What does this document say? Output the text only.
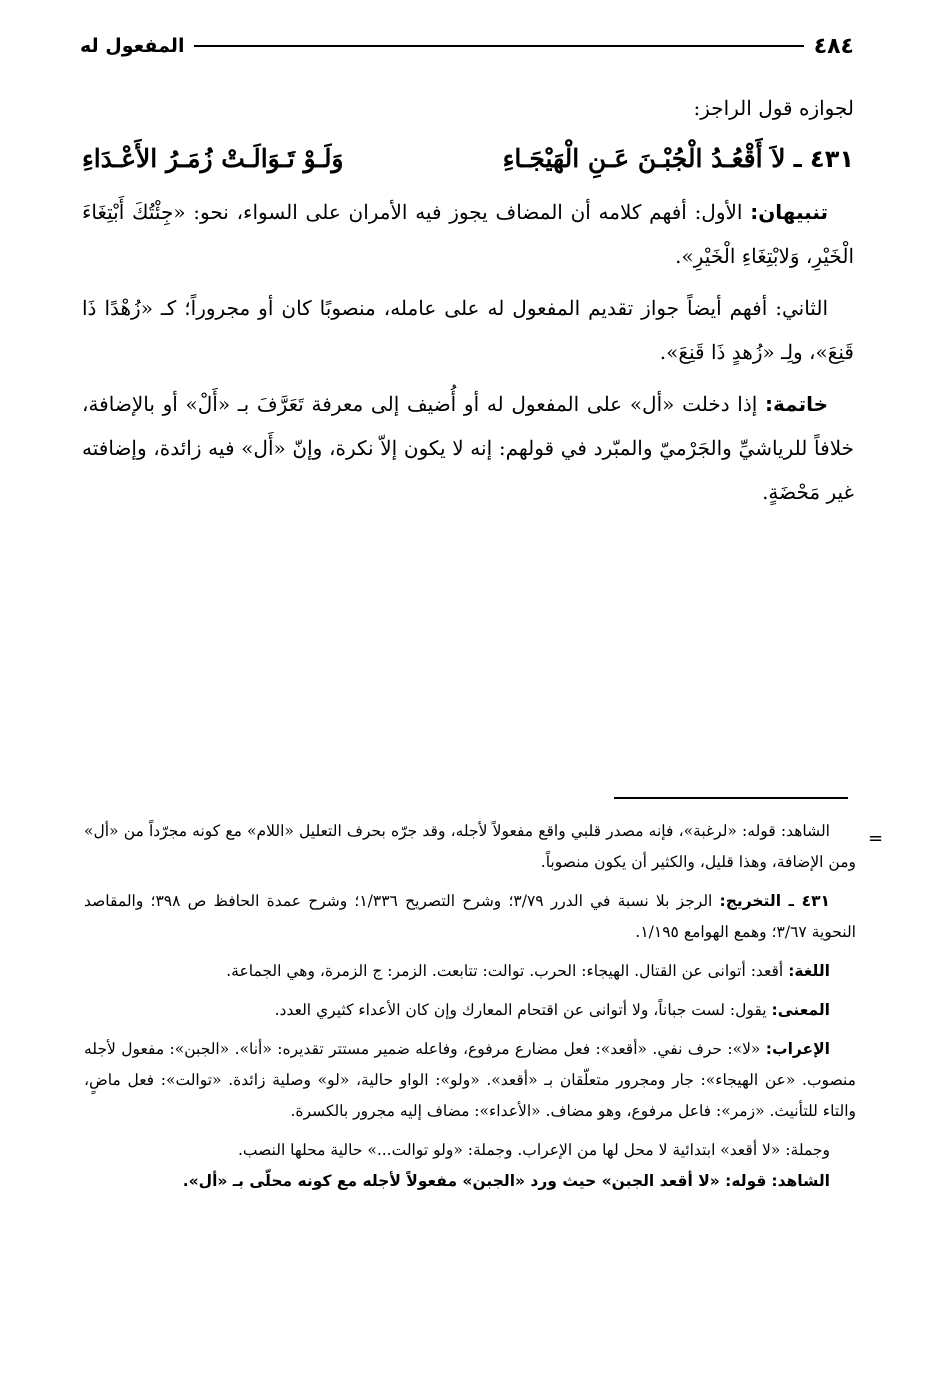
٤٨٤
المفعول له

لجوازه قول الراجز:

٤٣١ ـ
لاَ أَقْعُـدُ الْجُبْـنَ عَـنِ الْهَيْجَـاءِ
وَلَـوْ تَـوَالَـتْ زُمَـرُ الأَعْـدَاءِ

تنبيهان: الأول: أفهم كلامه أن المضاف يجوز فيه الأمران على السواء، نحو: «جِئْتُكَ أَبْتِغَاءَ الْخَيْرِ، وَلابْتِغَاءِ الْخَيْرِ».

الثاني: أفهم أيضاً جواز تقديم المفعول له على عامله، منصوبًا كان أو مجروراً؛ كـ «زُهْدًا ذَا قَنِعَ»، ولِـ «زُهدٍ ذَا قَنِعَ».

خاتمة: إذا دخلت «أل» على المفعول له أو أُضيف إلى معرفة تَعَرَّفَ بـ «أَلْ» أو بالإضافة، خلافاً للرياشيِّ والجَرْميّ والمبّرد في قولهم: إنه لا يكون إلاّ نكرة، وإنّ «أَل» فيه زائدة، وإضافته غير مَحْضَةٍ.

=

الشاهد: قوله: «لرغبة»، فإنه مصدر قلبي واقع مفعولاً لأجله، وقد جرّه بحرف التعليل «اللام» مع كونه مجرّداً من «أل» ومن الإضافة، وهذا قليل، والكثير أن يكون منصوباً.

٤٣١ ـ التخريج: الرجز بلا نسبة في الدرر ٣/٧٩؛ وشرح التصريح ١/٣٣٦؛ وشرح عمدة الحافظ ص ٣٩٨؛ والمقاصد النحوية ٣/٦٧؛ وهمع الهوامع ١/١٩٥.

اللغة: أقعد: أتوانى عن القتال. الهيجاء: الحرب. توالت: تتابعت. الزمر: ج الزمرة، وهي الجماعة.

المعنى: يقول: لست جباناً، ولا أتوانى عن اقتحام المعارك وإن كان الأعداء كثيري العدد.

الإعراب: «لا»: حرف نفي. «أقعد»: فعل مضارع مرفوع، وفاعله ضمير مستتر تقديره: «أنا». «الجبن»: مفعول لأجله منصوب. «عن الهيجاء»: جار ومجرور متعلّقان بـ «أقعد». «ولو»: الواو حالية، «لو» وصلية زائدة. «توالت»: فعل ماضٍ، والتاء للتأنيث. «زمر»: فاعل مرفوع، وهو مضاف. «الأعداء»: مضاف إليه مجرور بالكسرة.

وجملة: «لا أقعد» ابتدائية لا محل لها من الإعراب. وجملة: «ولو توالت...» حالية محلها النصب.

الشاهد: قوله: «لا أقعد الجبن» حيث ورد «الجبن» مفعولاً لأجله مع كونه محلّى بـ «أل».
